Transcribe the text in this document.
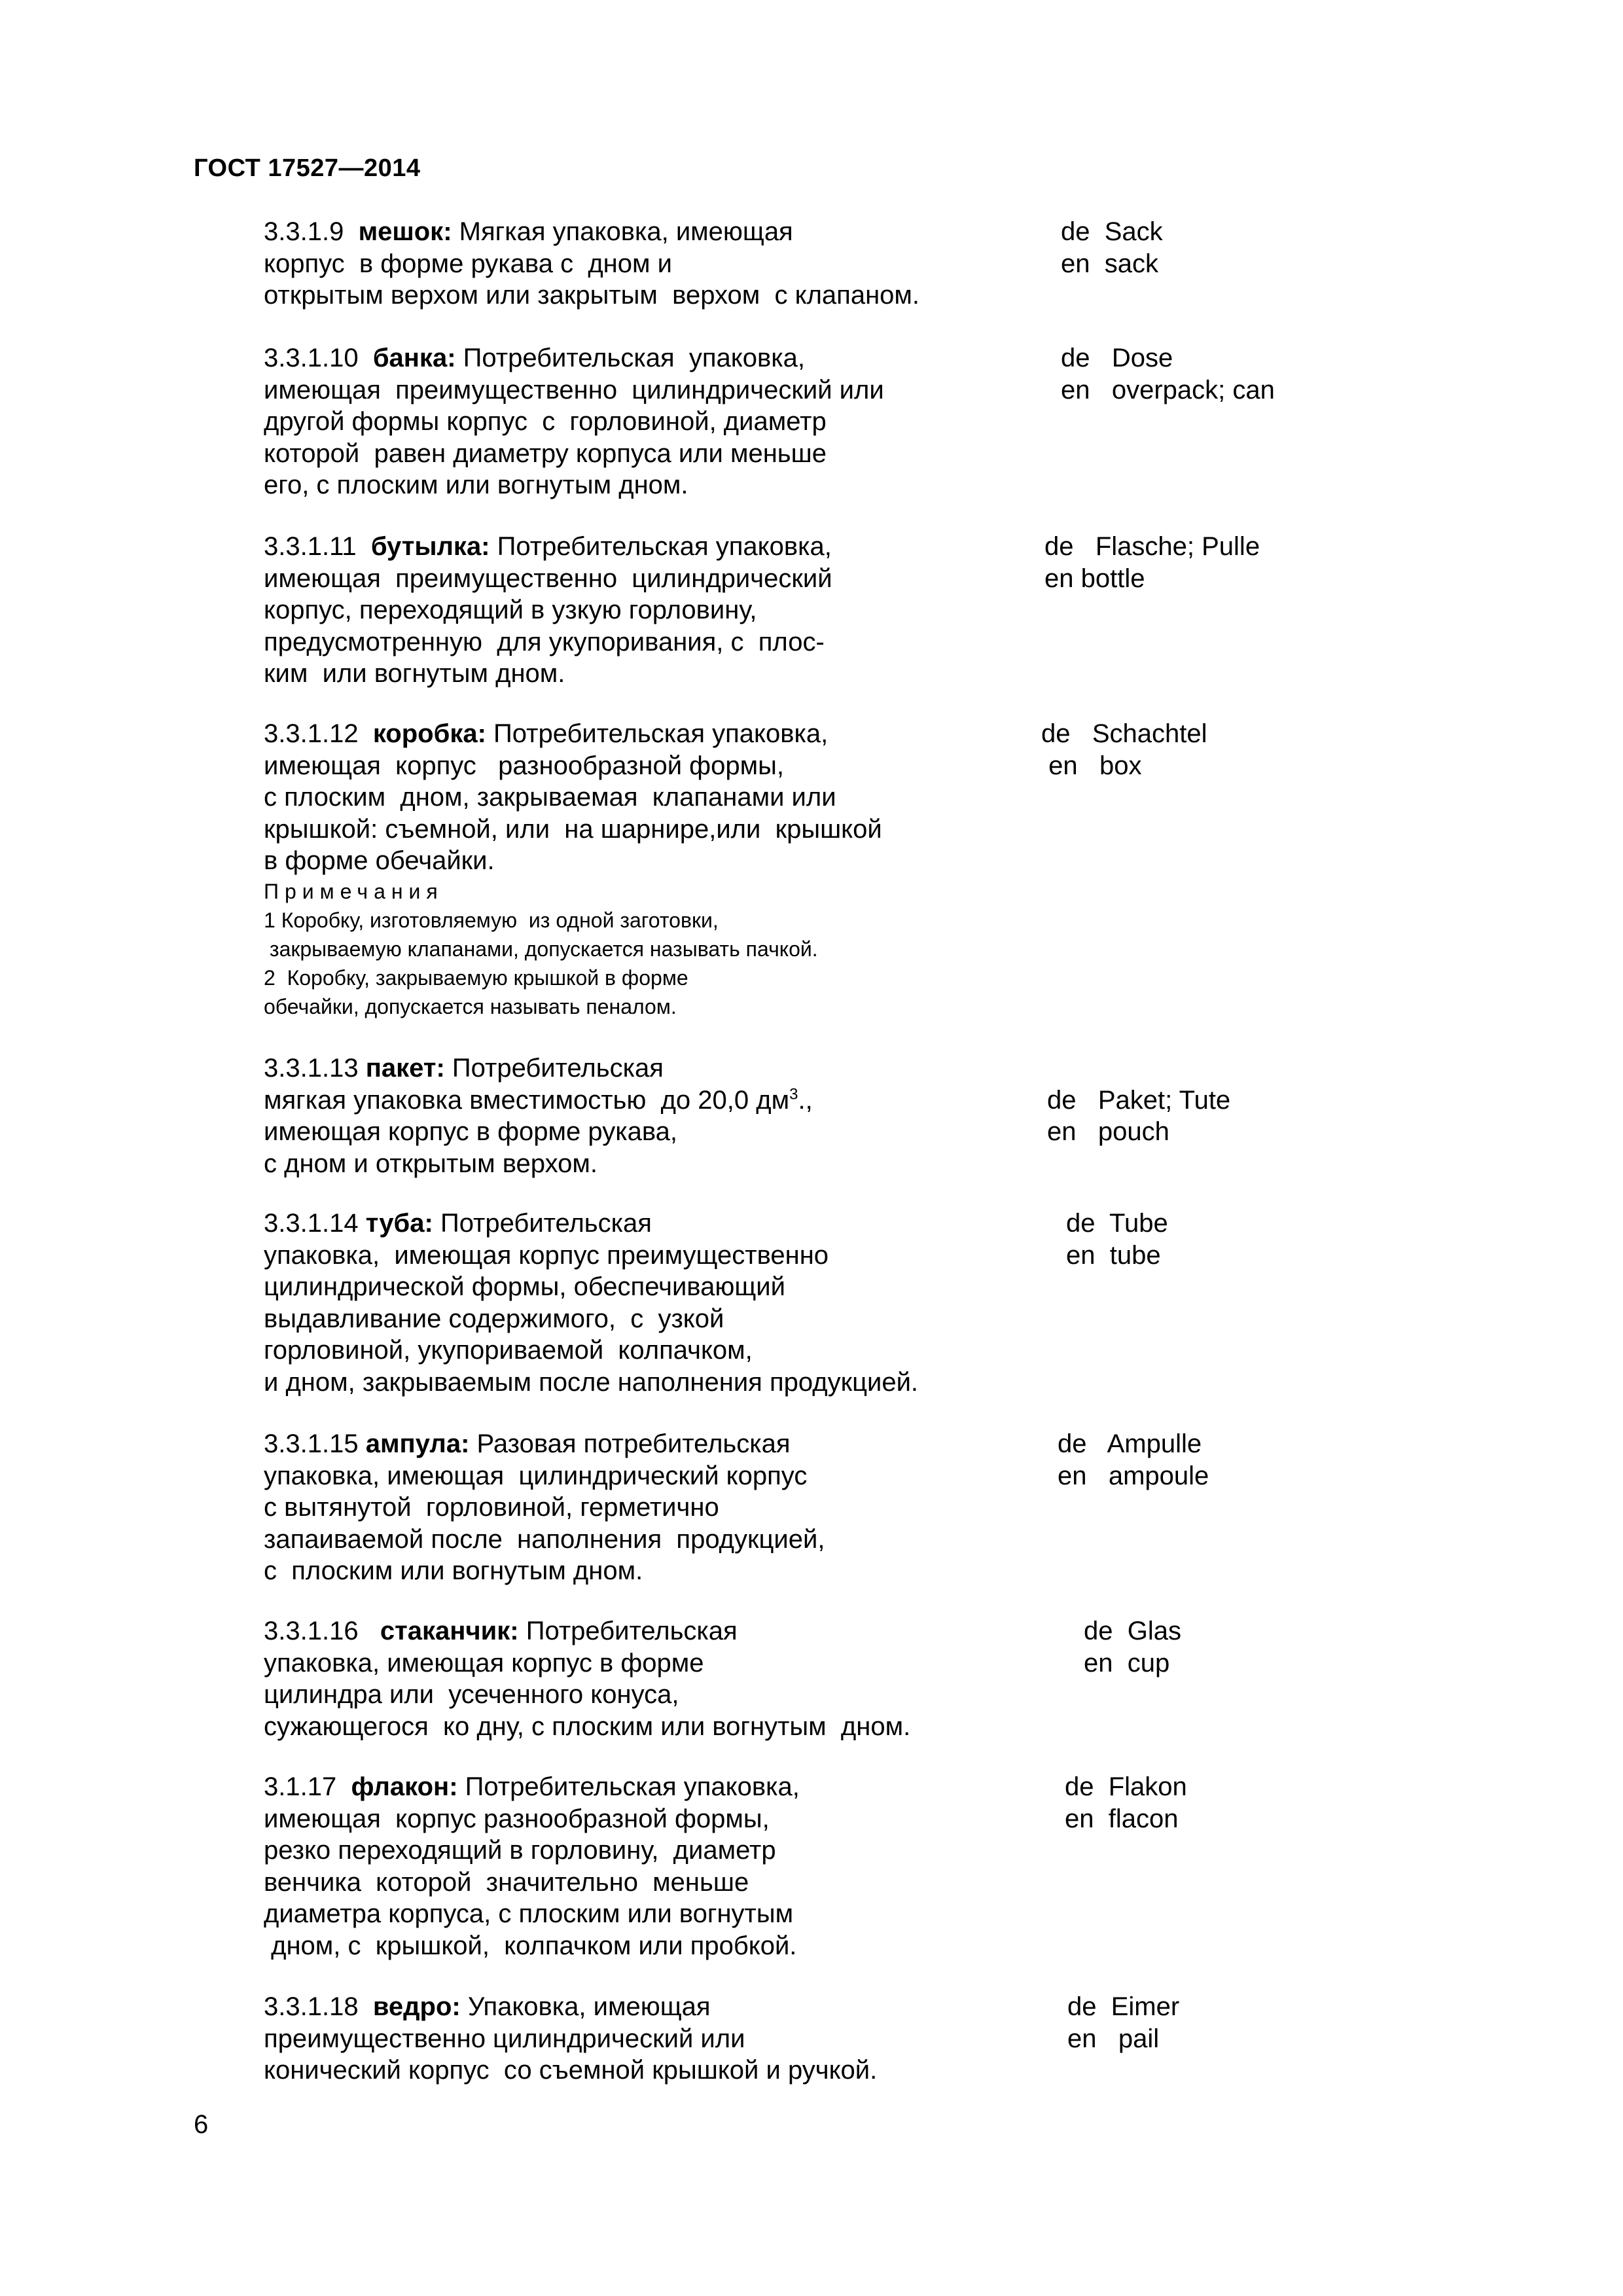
ГОСТ 17527—2014
3.3.1.9 мешок: Мягкая упаковка, имеющая
корпус  в форме рукава с  дном и
открытым верхом или закрытым  верхом  с клапаном.
de  Sack
en  sack
3.3.1.10 банка: Потребительская  упаковка,
имеющая  преимущественно  цилиндрический или
другой формы корпус  с  горловиной, диаметр
которой  равен диаметру корпуса или меньше
его, с плоским или вогнутым дном.
de   Dose
en   overpack; can
3.3.1.11 бутылка: Потребительская упаковка,
имеющая  преимущественно  цилиндрический
корпус, переходящий в узкую горловину,
предусмотренную  для укупоривания, с  плос-
ким  или вогнутым дном.
de   Flasche; Pulle
en bottle
3.3.1.12 коробка: Потребительская упаковка,
имеющая  корпус   разнообразной формы,
с плоским  дном, закрываемая  клапанами или
крышкой: съемной, или  на шарнире,или  крышкой
в форме обечайки.
Примечания
1 Коробку, изготовляемую  из одной заготовки,
закрываемую клапанами, допускается называть пачкой.
2  Коробку, закрываемую крышкой в форме
обечайки, допускается называть пеналом.
de   Schachtel
en   box
3.3.1.13 пакет: Потребительская
мягкая упаковка вместимостью  до 20,0 $дм^3$.,
имеющая корпус в форме рукава,
с дном и открытым верхом.
de   Paket; Tute
en   pouch
3.3.1.14 туба: Потребительская
упаковка,  имеющая корпус преимущественно
цилиндрической формы, обеспечивающий
выдавливание содержимого,  с  узкой
горловиной, укупориваемой  колпачком,
и дном, закрываемым после наполнения продукцией.
de  Tube
en  tube
3.3.1.15 ампула: Разовая потребительская
упаковка, имеющая  цилиндрический корпус
с вытянутой  горловиной, герметично
запаиваемой после  наполнения  продукцией,
с  плоским или вогнутым дном.
de   Ampulle
en   ampoule
3.3.1.16 стаканчик: Потребительская
упаковка, имеющая корпус в форме
цилиндра или  усеченного конуса,
сужающегося  ко дну, с плоским или вогнутым  дном.
de  Glas
en  cup
3.1.17 флакон: Потребительская упаковка,
имеющая  корпус разнообразной формы,
резко переходящий в горловину,  диаметр
венчика  которой  значительно  меньше
диаметра корпуса, с плоским или вогнутым
дном, с  крышкой,  колпачком или пробкой.
de  Flakon
en  flacon
3.3.1.18 ведро: Упаковка, имеющая
преимущественно цилиндрический или
конический корпус  со съемной крышкой и ручкой.
de  Eimer
en   pail
6
